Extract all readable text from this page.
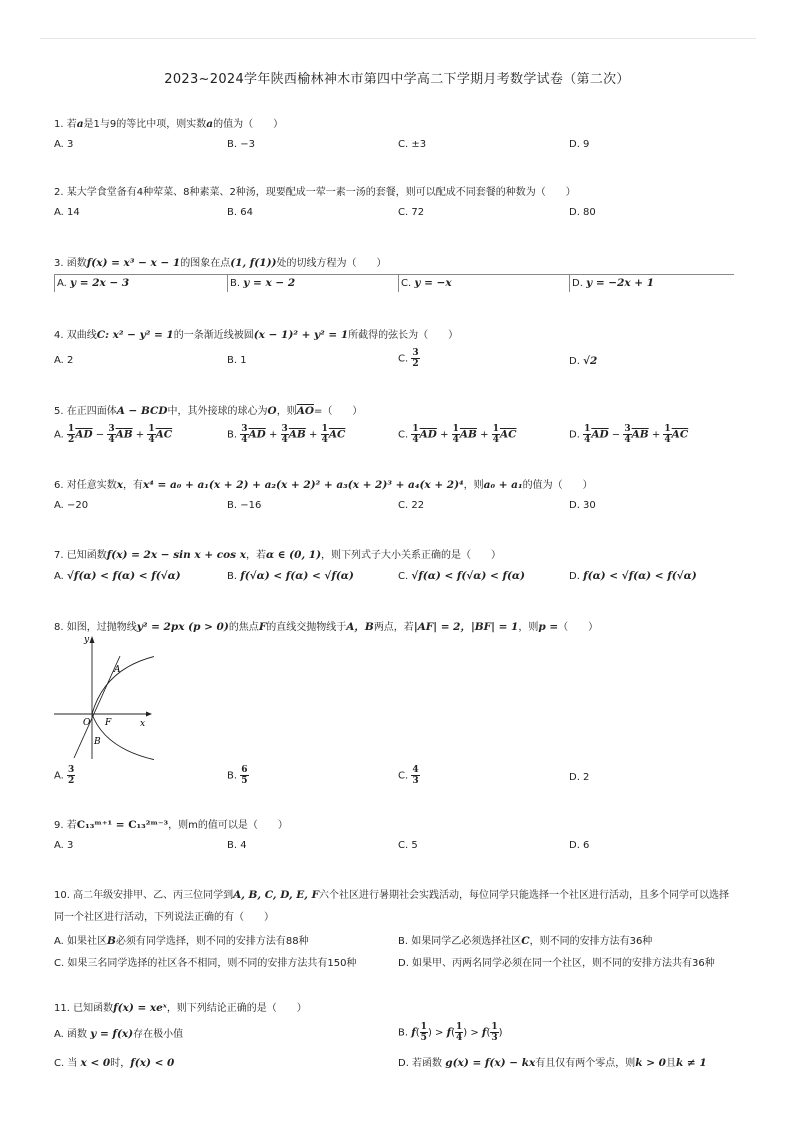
2023~2024学年陕西榆林神木市第四中学高二下学期月考数学试卷（第二次）
1. 若a是1与9的等比中项，则实数a的值为（　　）
A. 3	B. −3	C. ±3	D. 9
2. 某大学食堂备有4种荤菜、8种素菜、2种汤，现要配成一荤一素一汤的套餐，则可以配成不同套餐的种数为（　　）
A. 14	B. 64	C. 72	D. 80
3. 函数f(x) = x³ − x − 1的图象在点(1, f(1))处的切线方程为（　　）
A. y = 2x − 3	B. y = x − 2	C. y = −x	D. y = −2x + 1
4. 双曲线C: x² − y² = 1的一条渐近线被圆(x − 1)² + y² = 1所截得的弦长为（　　）
A. 2	B. 1	C. $\frac{3}{2}$	D. √2
5. 在正四面体A − BCD中，其外接球的球心为O，则$\overline{AO}=$（　　）
A. $\frac{1}{2} \overline{AD} - \frac{3}{4} \overline{AB} + \frac{1}{4} \overline{AC}$	B. $\frac{3}{4} \overline{AD} + \frac{3}{4} \overline{AB} + \frac{1}{4} \overline{AC}$	C. $\frac{1}{4} \overline{AD} + \frac{1}{4} \overline{AB} + \frac{1}{4} \overline{AC}$	D. $\frac{1}{4} \overline{AD} - \frac{3}{4} \overline{AB} + \frac{1}{4} \overline{AC}$
6. 对任意实数x，有x⁴ = a₀ + a₁(x + 2) + a₂(x + 2)² + a₃(x + 2)³ + a₄(x + 2)⁴，则a₀ + a₁的值为（　　）
A. −20	B. −16	C. 22	D. 30
7. 已知函数f(x) = 2x − sin x + cos x，若α ∈ (0, 1)，则下列式子大小关系正确的是（　　）
A. √f(α) < f(α) < f(√α)	B. f(√α) < f(α) < √f(α)	C. √f(α) < f(√α) < f(α)	D. f(α) < √f(α) < f(√α)
8. 如图，过抛物线y² = 2px (p > 0)的焦点F的直线交抛物线于A，B两点，若|AF| = 2，|BF| = 1，则p =（　　）
y
x
O F
A
B
A. $\frac{3}{2}$	B. $\frac{6}{5}$	C. $\frac{4}{3}$	D. 2
9. 若C₁₃ᵐ⁺¹ = C₁₃²ᵐ⁻³，则m的值可以是（　　）
A. 3	B. 4	C. 5	D. 6
10. 高二年级安排甲、乙、丙三位同学到A, B, C, D, E, F六个社区进行暑期社会实践活动，每位同学只能选择一个社区进行活动，且多个同学可以选择
同一个社区进行活动，下列说法正确的有（　　）
A. 如果社区B必须有同学选择，则不同的安排方法有88种	B. 如果同学乙必须选择社区C，则不同的安排方法有36种
C. 如果三名同学选择的社区各不相同，则不同的安排方法共有150种	D. 如果甲、丙两名同学必须在同一个社区，则不同的安排方法共有36种
11. 已知函数f(x) = xeˣ，则下列结论正确的是（　　）
A. 函数 y = f(x)存在极小值	B. $f( \frac{1}{5}$ ) > $f( \frac{1}{4}$ ) > $f( \frac{1}{3}$ )
C. 当 x < 0时，f(x) < 0	D. 若函数 g(x) = f(x) − kx有且仅有两个零点，则k > 0且k ≠ 1
